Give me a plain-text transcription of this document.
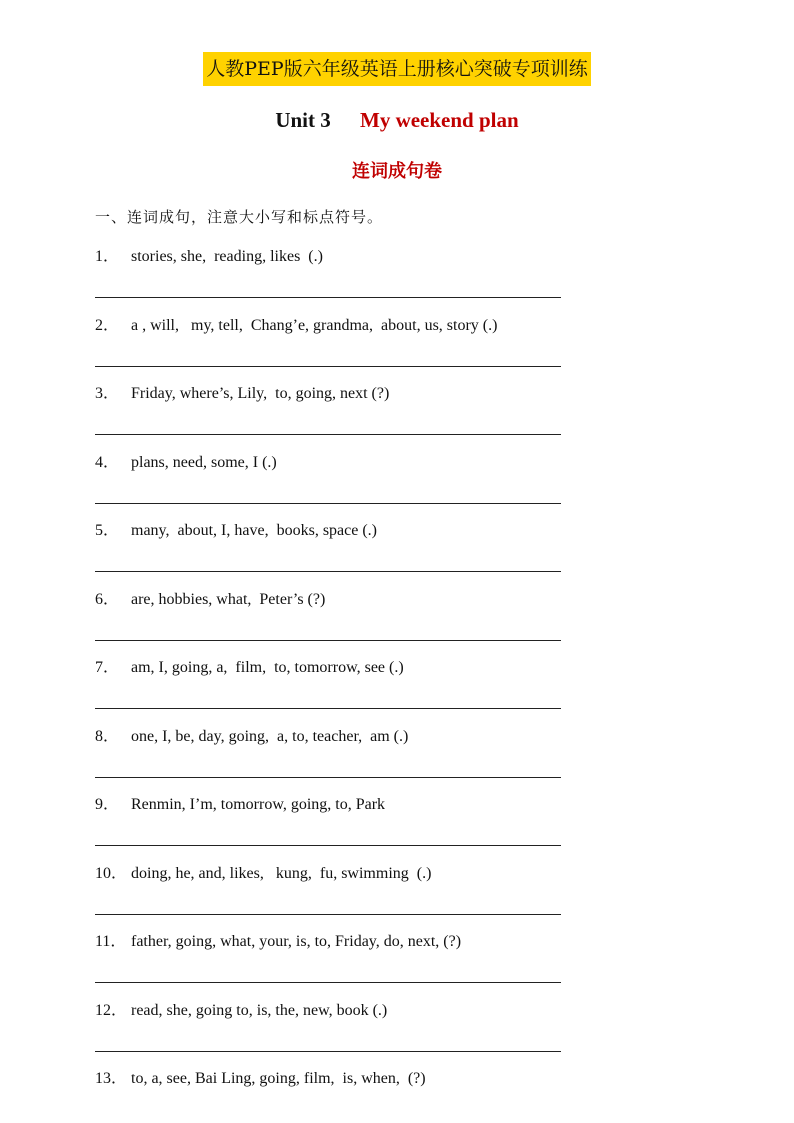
人教PEP版六年级英语上册核心突破专项训练
Unit 3 My weekend plan
连词成句卷
一、连词成句，注意大小写和标点符号。
1． stories, she,  reading, likes  (.)
2． a , will,   my, tell,  Chang’e, grandma,  about, us, story (.)
3． Friday, where’s, Lily,  to, going, next (?)
4． plans, need, some, I (.)
5． many,  about, I, have,  books, space (.)
6． are, hobbies, what,  Peter’s (?)
7． am, I, going, a,  film,  to, tomorrow, see (.)
8． one, I, be, day, going,  a, to, teacher,  am (.)
9． Renmin, I’m, tomorrow, going, to, Park
10． doing, he, and, likes,   kung,  fu, swimming  (.)
11． father, going, what, your, is, to, Friday, do, next, (?)
12． read, she, going to, is, the, new, book (.)
13． to, a, see, Bai Ling, going, film,  is, when,  (?)
